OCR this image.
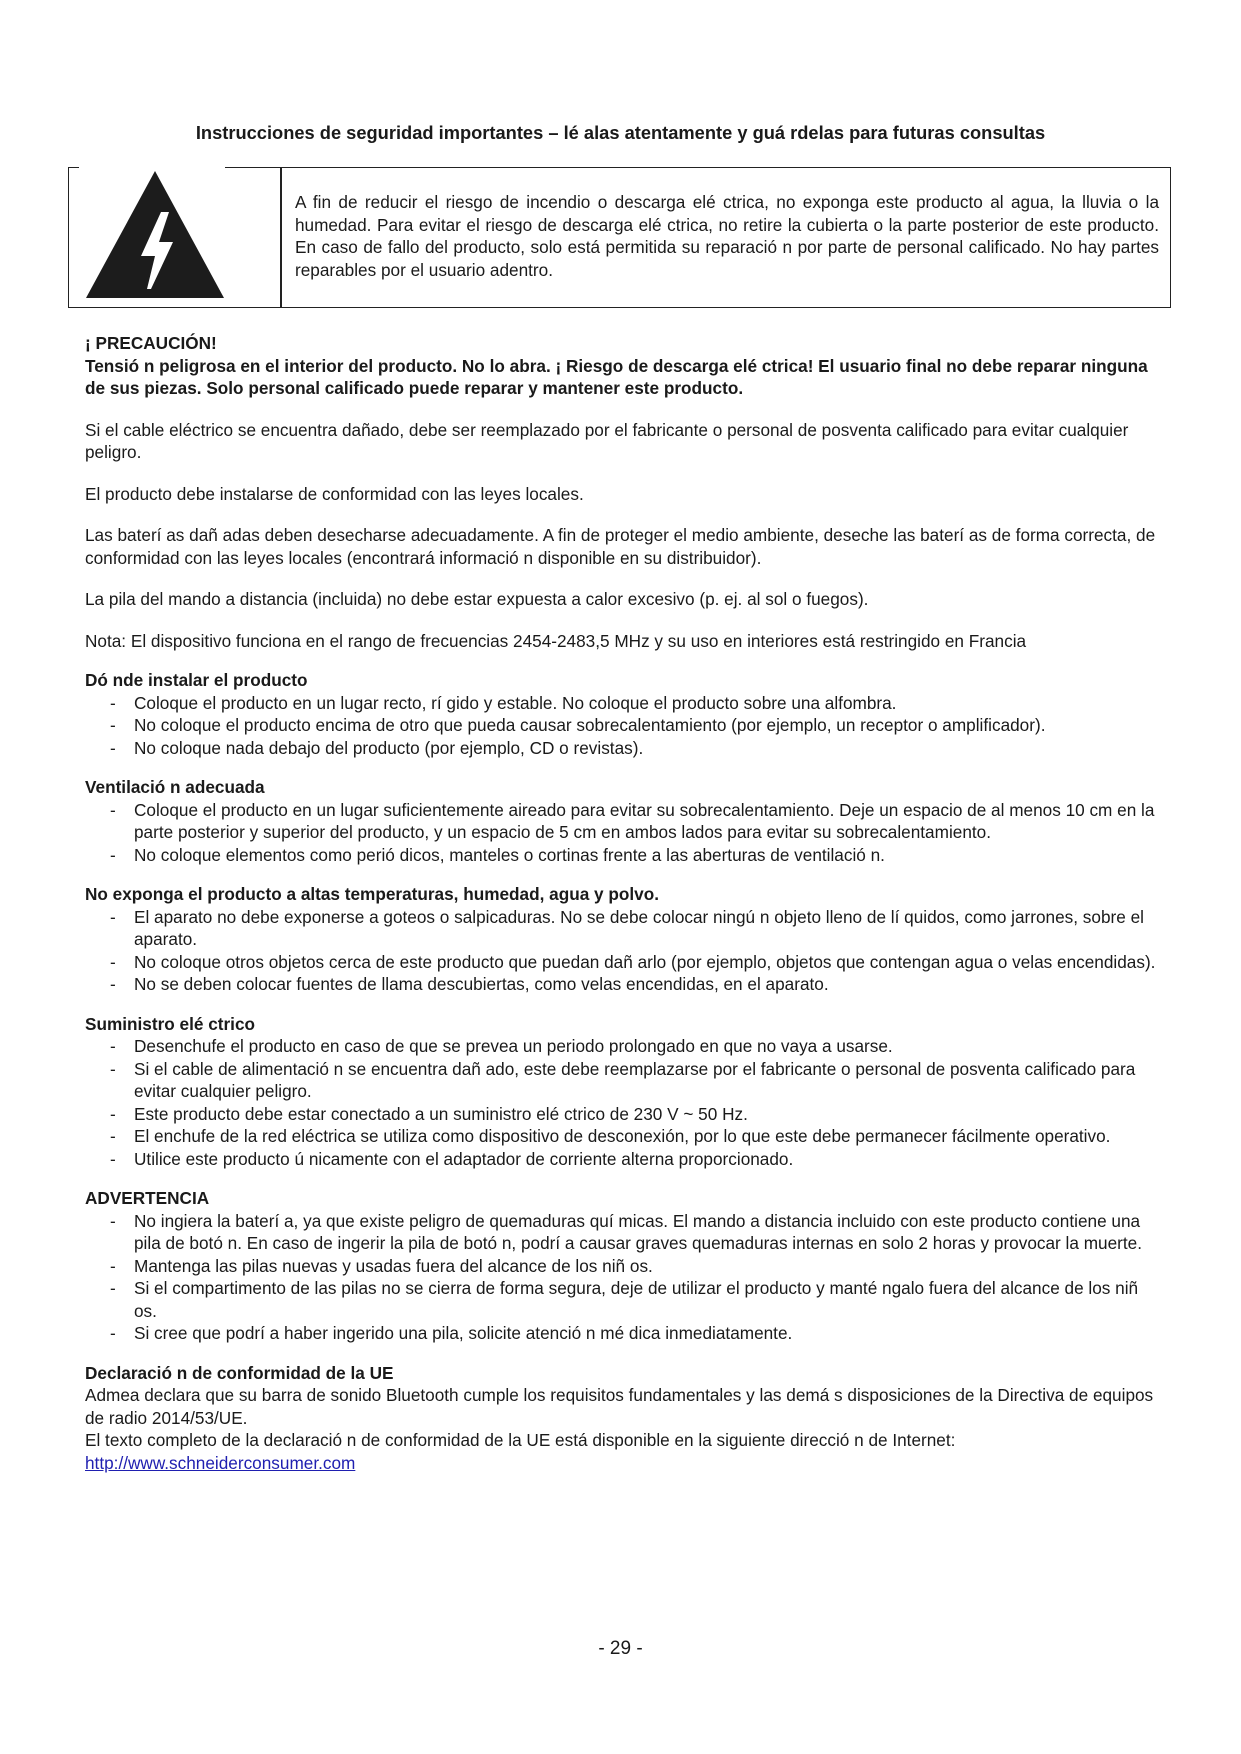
Instrucciones de seguridad importantes – lé alas atentamente y guá rdelas para futuras consultas
A fin de reducir el riesgo de incendio o descarga elé ctrica, no exponga este producto al agua, la lluvia o la humedad. Para evitar el riesgo de descarga elé ctrica, no retire la cubierta o la parte posterior de este producto. En caso de fallo del producto, solo está permitida su reparació n por parte de personal calificado. No hay partes reparables por el usuario adentro.

¡ PRECAUCIÓN!

Tensió n peligrosa en el interior del producto. No lo abra. ¡ Riesgo de descarga elé ctrica! El usuario final no debe reparar ninguna de sus piezas. Solo personal calificado puede reparar y mantener este producto.

Si el cable eléctrico se encuentra dañado, debe ser reemplazado por el fabricante o personal de posventa calificado para evitar cualquier peligro.

El producto debe instalarse de conformidad con las leyes locales.

Las baterí as dañ adas deben desecharse adecuadamente. A fin de proteger el medio ambiente, deseche las baterí as de forma correcta, de conformidad con las leyes locales (encontrará informació n disponible en su distribuidor).

La pila del mando a distancia (incluida) no debe estar expuesta a calor excesivo (p. ej. al sol o fuegos).

Nota: El dispositivo funciona en el rango de frecuencias 2454-2483,5 MHz y su uso en interiores está restringido en Francia

Dó nde instalar el producto

- Coloque el producto en un lugar recto, rí gido y estable. No coloque el producto sobre una alfombra.
- No coloque el producto encima de otro que pueda causar sobrecalentamiento (por ejemplo, un receptor o amplificador).
- No coloque nada debajo del producto (por ejemplo, CD o revistas).

Ventilació n adecuada

- Coloque el producto en un lugar suficientemente aireado para evitar su sobrecalentamiento. Deje un espacio de al menos 10 cm en la parte posterior y superior del producto, y un espacio de 5 cm en ambos lados para evitar su sobrecalentamiento.
- No coloque elementos como perió dicos, manteles o cortinas frente a las aberturas de ventilació n.

No exponga el producto a altas temperaturas, humedad, agua y polvo.

- El aparato no debe exponerse a goteos o salpicaduras. No se debe colocar ningú n objeto lleno de lí quidos, como jarrones, sobre el aparato.
- No coloque otros objetos cerca de este producto que puedan dañ arlo (por ejemplo, objetos que contengan agua o velas encendidas).
- No se deben colocar fuentes de llama descubiertas, como velas encendidas, en el aparato.

Suministro elé ctrico

- Desenchufe el producto en caso de que se prevea un periodo prolongado en que no vaya a usarse.
- Si el cable de alimentació n se encuentra dañ ado, este debe reemplazarse por el fabricante o personal de posventa calificado para evitar cualquier peligro.
- Este producto debe estar conectado a un suministro elé ctrico de 230 V ~ 50 Hz.
- El enchufe de la red eléctrica se utiliza como dispositivo de desconexión, por lo que este debe permanecer fácilmente operativo.
- Utilice este producto ú nicamente con el adaptador de corriente alterna proporcionado.

ADVERTENCIA

- No ingiera la baterí a, ya que existe peligro de quemaduras quí micas. El mando a distancia incluido con este producto contiene una pila de botó n. En caso de ingerir la pila de botó n, podrí a causar graves quemaduras internas en solo 2 horas y provocar la muerte.
- Mantenga las pilas nuevas y usadas fuera del alcance de los niñ os.
- Si el compartimento de las pilas no se cierra de forma segura, deje de utilizar el producto y manté ngalo fuera del alcance de los niñ os.
- Si cree que podrí a haber ingerido una pila, solicite atenció n mé dica inmediatamente.

Declaració n de conformidad de la UE

Admea declara que su barra de sonido Bluetooth cumple los requisitos fundamentales y las demá s disposiciones de la Directiva de equipos de radio 2014/53/UE.

El texto completo de la declaració n de conformidad de la UE está disponible en la siguiente direcció n de Internet:

http://www.schneiderconsumer.com

- 29 -
